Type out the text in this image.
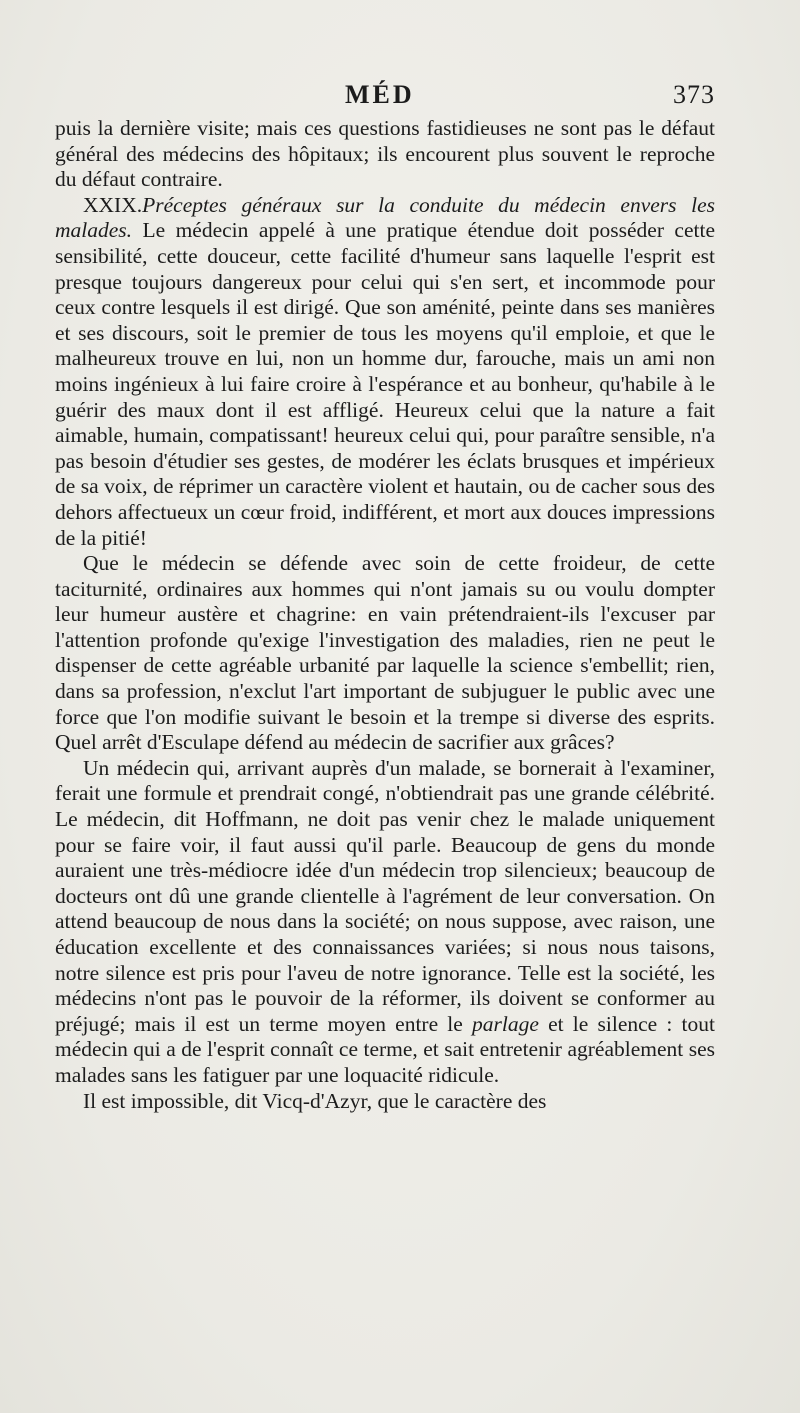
MÉD	373

puis la dernière visite; mais ces questions fastidieuses ne sont pas le défaut général des médecins des hôpitaux; ils encourent plus souvent le reproche du défaut contraire.

XXIX.Préceptes généraux sur la conduite du médecin envers les malades. Le médecin appelé à une pratique étendue doit posséder cette sensibilité, cette douceur, cette facilité d'humeur sans laquelle l'esprit est presque toujours dangereux pour celui qui s'en sert, et incommode pour ceux contre lesquels il est dirigé. Que son aménité, peinte dans ses manières et ses discours, soit le premier de tous les moyens qu'il emploie, et que le malheureux trouve en lui, non un homme dur, farouche, mais un ami non moins ingénieux à lui faire croire à l'espérance et au bonheur, qu'habile à le guérir des maux dont il est affligé. Heureux celui que la nature a fait aimable, humain, compatissant! heureux celui qui, pour paraître sensible, n'a pas besoin d'étudier ses gestes, de modérer les éclats brusques et impérieux de sa voix, de réprimer un caractère violent et hautain, ou de cacher sous des dehors affectueux un cœur froid, indifférent, et mort aux douces impressions de la pitié!

Que le médecin se défende avec soin de cette froideur, de cette taciturnité, ordinaires aux hommes qui n'ont jamais su ou voulu dompter leur humeur austère et chagrine: en vain prétendraient-ils l'excuser par l'attention profonde qu'exige l'investigation des maladies, rien ne peut le dispenser de cette agréable urbanité par laquelle la science s'embellit; rien, dans sa profession, n'exclut l'art important de subjuguer le public avec une force que l'on modifie suivant le besoin et la trempe si diverse des esprits. Quel arrêt d'Esculape défend au médecin de sacrifier aux grâces?

Un médecin qui, arrivant auprès d'un malade, se bornerait à l'examiner, ferait une formule et prendrait congé, n'obtiendrait pas une grande célébrité. Le médecin, dit Hoffmann, ne doit pas venir chez le malade uniquement pour se faire voir, il faut aussi qu'il parle. Beaucoup de gens du monde auraient une très-médiocre idée d'un médecin trop silencieux; beaucoup de docteurs ont dû une grande clientelle à l'agrément de leur conversation. On attend beaucoup de nous dans la société; on nous suppose, avec raison, une éducation excellente et des connaissances variées; si nous nous taisons, notre silence est pris pour l'aveu de notre ignorance. Telle est la société, les médecins n'ont pas le pouvoir de la réformer, ils doivent se conformer au préjugé; mais il est un terme moyen entre le parlage et le silence : tout médecin qui a de l'esprit connaît ce terme, et sait entretenir agréablement ses malades sans les fatiguer par une loquacité ridicule.

Il est impossible, dit Vicq-d'Azyr, que le caractère des
